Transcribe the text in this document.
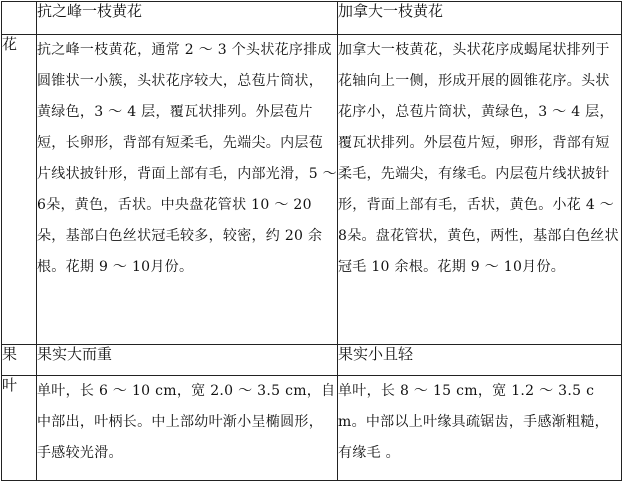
	抗之峰一枝黄花	加拿大一枝黄花
花	抗之峰一枝黄花，通常 2 ～ 3 个头状花序排成圆锥状一小簇，头状花序较大，总苞片筒状，黄绿色，3 ～ 4 层，覆瓦状排列。外层苞片短，长卵形，背部有短柔毛，先端尖。内层苞片线状披针形，背面上部有毛，内部光滑，5 ～ 6朵，黄色，舌状。中央盘花管状 10 ～ 20朵，基部白色丝状冠毛较多，较密，约 20 余根。花期 9 ～ 10月份。	加拿大一枝黄花，头状花序成蝎尾状排列于花轴向上一侧，形成开展的圆锥花序。头状花序小，总苞片筒状，黄绿色，3 ～ 4 层，覆瓦状排列。外层苞片短，卵形，背部有短柔毛，先端尖，有缘毛。内层苞片线状披针形，背面上部有毛，舌状，黄色。小花 4 ～ 8朵。盘花管状，黄色，两性，基部白色丝状冠毛 10 余根。花期 9 ～ 10月份。
果	果实大而重	果实小且轻
叶	单叶，长 6 ～ 10 cm，宽 2.0 ～ 3.5 cm，自中部出，叶柄长。中上部幼叶渐小呈椭圆形，手感较光滑。	单叶，长 8 ～ 15 cm，宽 1.2 ～ 3.5 cm。中部以上叶缘具疏锯齿，手感渐粗糙，有缘毛 。
